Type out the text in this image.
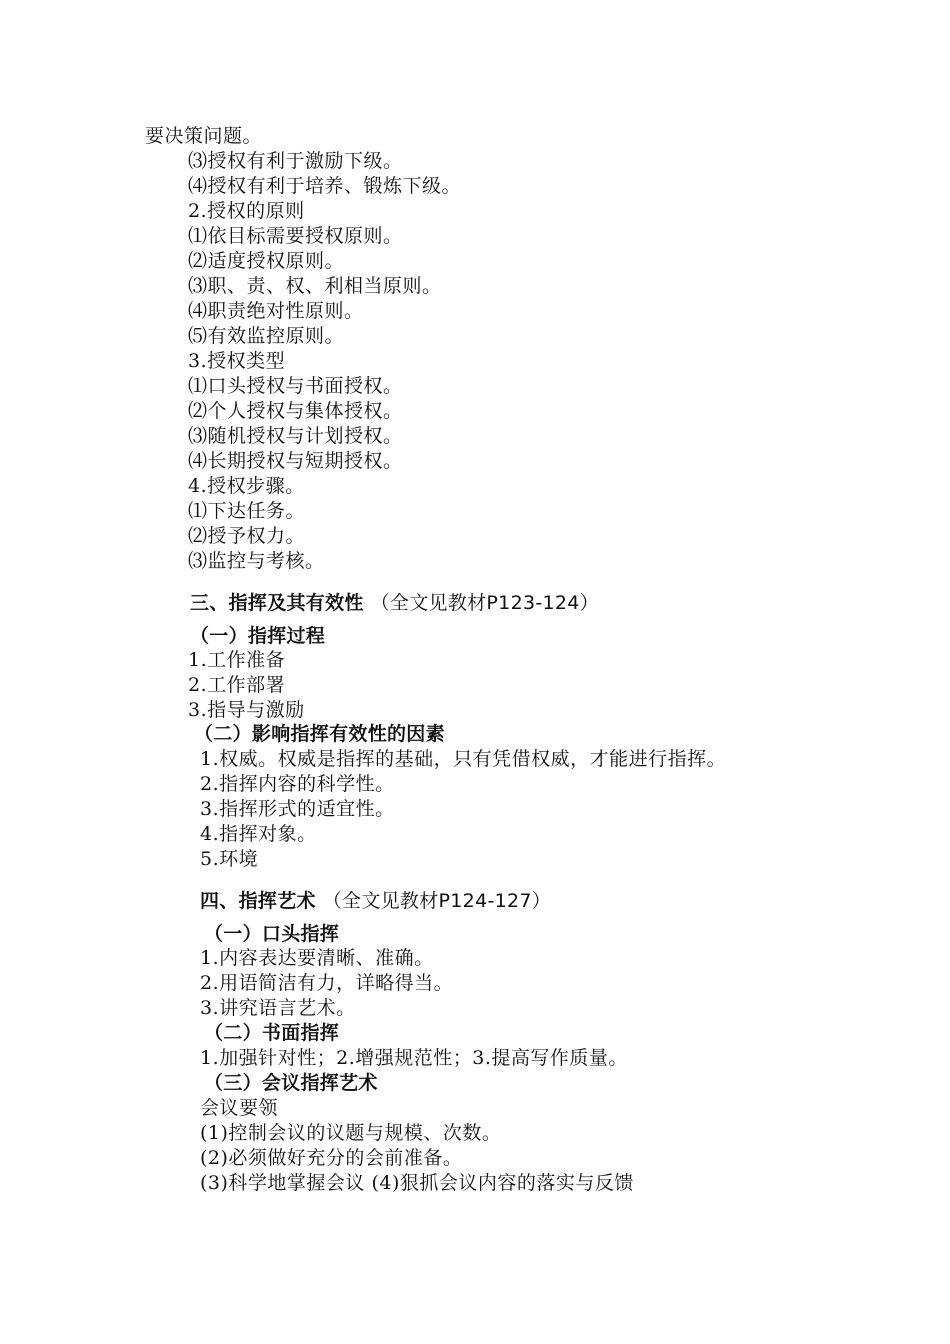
要决策问题。
⑶授权有利于激励下级。
⑷授权有利于培养、锻炼下级。
2.授权的原则
⑴依目标需要授权原则。
⑵适度授权原则。
⑶职、责、权、利相当原则。
⑷职责绝对性原则。
⑸有效监控原则。
3.授权类型
⑴口头授权与书面授权。
⑵个人授权与集体授权。
⑶随机授权与计划授权。
⑷长期授权与短期授权。
4.授权步骤。
⑴下达任务。
⑵授予权力。
⑶监控与考核。
三、指挥及其有效性 （全文见教材P123-124）
（一）指挥过程
1.工作准备
2.工作部署
3.指导与激励
（二）影响指挥有效性的因素
1.权威。权威是指挥的基础，只有凭借权威，才能进行指挥。
2.指挥内容的科学性。
3.指挥形式的适宜性。
4.指挥对象。
5.环境
四、指挥艺术 （全文见教材P124-127）
（一）口头指挥
1.内容表达要清晰、准确。
2.用语简洁有力，详略得当。
3.讲究语言艺术。
（二）书面指挥
1.加强针对性；2.增强规范性；3.提高写作质量。
（三）会议指挥艺术
会议要领
(1)控制会议的议题与规模、次数。
(2)必须做好充分的会前准备。
(3)科学地掌握会议 (4)狠抓会议内容的落实与反馈
